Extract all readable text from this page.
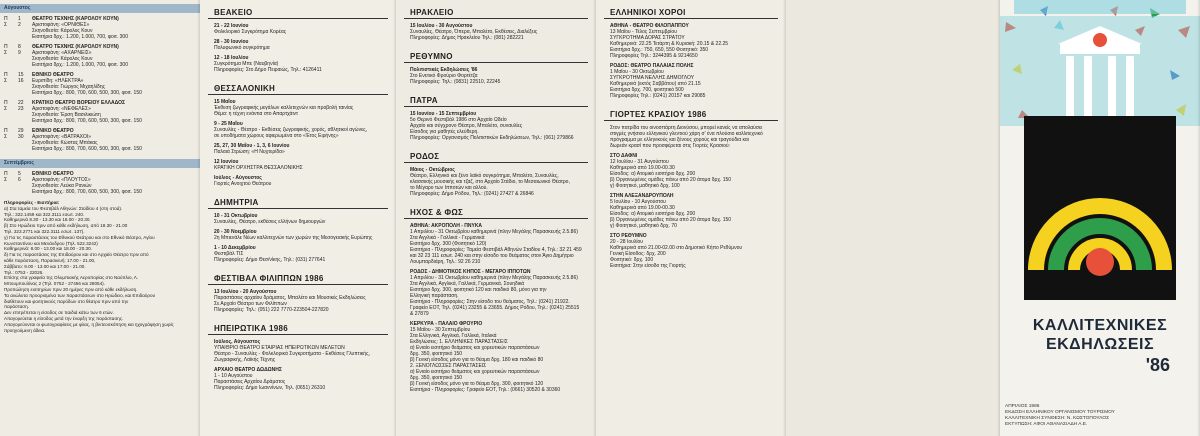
Αύγουστος
Π
Σ
1
2
ΘΕΑΤΡΟ ΤΕΧΝΗΣ (ΚΑΡΟΛΟΥ ΚΟΥΝ)
Αριστοφάνη: «ΟΡΝΙΘΕΣ»
Σκηνοθεσία: Κάρολος Κουν
Εισιτήρια δρχ.: 1.200, 1.000, 700, φοιτ. 300
Π
Σ
8
9
ΘΕΑΤΡΟ ΤΕΧΝΗΣ (ΚΑΡΟΛΟΥ ΚΟΥΝ)
Αριστοφάνη: «ΑΧΑΡΝΕΙΣ»
Σκηνοθεσία: Κάρολος Κουν
Εισιτήρια δρχ.: 1.200, 1.000, 700, φοιτ. 300
Π
Σ
15
16
ΕΘΝΙΚΟ ΘΕΑΤΡΟ
Ευριπίδη: «ΗΛΕΚΤΡΑ»
Σκηνοθεσία: Γιώργος Μιχαηλίδης
Εισιτήρια δρχ.: 800, 700, 600, 500, 300, φοιτ. 150
Π
Σ
22
23
ΚΡΑΤΙΚΟ ΘΕΑΤΡΟ ΒΟΡΕΙΟΥ ΕΛΛΑΔΟΣ
Αριστοφάνη: «ΝΕΦΕΛΕΣ»
Σκηνοθεσία: Έρση Βασιλικιώτη
Εισιτήρια δρχ.: 800, 700, 600, 500, 300, φοιτ. 150
Π
Σ
29
30
ΕΘΝΙΚΟ ΘΕΑΤΡΟ
Αριστοφάνη: «ΒΑΤΡΑΧΟΙ»
Σκηνοθεσία: Κώστας Μπάκας
Εισιτήρια δρχ.: 800, 700, 600, 500, 300, φοιτ. 150
Σεπτέμβριος
Π
Σ
5
6
ΕΘΝΙΚΟ ΘΕΑΤΡΟ
Αριστοφάνη: «ΠΛΟΥΤΟΣ»
Σκηνοθεσία: Λεύκα Ρανιών
Εισιτήρια δρχ.: 800, 700, 600, 500, 300, φοιτ. 150
Πληροφορίες - Εισιτήρια:
α) Στα ταμεία του Φεστιβάλ Αθηνών: Σταδίου 4 (στη στοά).
Τηλ.: 322.1459 και 322.3111 εσωτ. 240.
Καθημερινά 8.30 - 13.30 και 18.00 - 20.30.
β) Στο Ηρώδειο πριν από κάθε εκδήλωση, από 18.30 - 21.00
Τηλ. 323.2771 και 322.3111 εσωτ. 137).
γ) Για τις παραστάσεις του Εθνικού Θεάτρου και στο Εθνικό Θέατρο, Αγίου
Κωνσταντίνου και Μενάνδρου (Τηλ. 522.3242)
Καθημερινά: 8.00 - 13.00 και 18.00 - 20.30.
δ) Για τις παραστάσεις της Επιδαύρου και στο Αρχαίο Θέατρο πριν από
κάθε παράσταση, Παρασκευή: 17.00 - 21.00,
Σάββατο: 9.00 - 13.00 και 17.00 - 21.00.
Τηλ.: 0753 - 22026.
Επίσης στα γραφεία της Ολυμπιακής Αεροπορίας στο Ναύπλιο, Λ.
Μπουμπουλίνας 2 (Τηλ. 0752 - 27456 και 28054).
Προπώληση εισιτηρίων πριν 20 ημέρες πριν από κάθε εκδήλωση.
Τα ανώλυτα προορισμένα των παραστάσεων στο Ηρώδειο, και Επιδαύρου
διαθέτουν και φοιτητικούς παρόδων στο θέατρο πριν από την
παράσταση.
Δεν επιτρέπεται η είσοδος σε παιδιά κάτω των 6 ετών.
Απαγορεύεται η είσοδος μετά την έναρξη της παράστασης.
Απαγορεύονται οι φωτογραφίσεις με φλας, η βιντεοσκόπηση και ηχογράφηση χωρίς προηγούμενη άδεια.
ΒΕΑΚΕΙΟ
21 - 22 Ιουνίου
Φολκλορικό Συγκρότημα Κορέας
28 - 30 Ιουνίου
Πολυφωνικό συγκρότημα
12 - 18 Ιουλίου
Συγκρότημα Μπε (Ναυβηνία)
Πληροφορίες: Στο Δήμο Πειραιώς, Τηλ.: 4126411
ΘΕΣΣΑΛΟΝΙΚΗ
15 Μαΐου
Έκθεση ζωγραφικής μεγάλων καλλιτεχνών και προβολή ταινίας
Θέμα: η τέχνη ενάντια στο Απαρτχάιντ
9 - 25 Μαΐου
Συναυλίες - Θέατρο - Εκθέσεις ζωγραφικής, χορός, αθλητικοί αγώνες,
σε υποδήματα χώρους αφιερωμένα στο «Έτος Ειρήνης»
25, 27, 30 Μαΐου - 1, 3, 6 Ιουνίου
Παλαιά Στρώση: «Η Νυχτερίδα»
12 Ιουνίου
ΚΡΑΤΙΚΗ ΟΡΧΗΣΤΡΑ ΘΕΣΣΑΛΟΝΙΚΗΣ
Ιούλιος - Αύγουστος
Γιορτές Ανοιχτού Θεάτρου
ΔΗΜΗΤΡΙΑ
10 - 31 Οκτωβρίου
Συναυλίες, Θέατρο, εκθέσεις ελλήνων δημιουργών
20 - 30 Νοεμβρίου
2η Μπιενάλε Νέων καλλιτεχνών των χωρών της Μεσογειακής Ευρώπης
1 - 10 Δεκεμβρίου
Φεστιβάλ ΤΙΣ
Πληροφορίες: Δήμο Θεσ/νίκης, Τηλ.: (031) 277641
ΦΕΣΤΙΒΑΛ ΦΙΛΙΠΠΩΝ 1986
13 Ιουλίου - 20 Αυγούστου
Παραστάσεις αρχαίου δράματος, Μπαλέτο και Μουσικές Εκδηλώσεις
Σε Αρχαίο Θέατρο των Φιλίππων
Πληροφορίες: Τηλ.: (051) 222 7770-223504-227820
ΗΠΕΙΡΩΤΙΚΑ 1986
Ιούλιος, Αύγουστος
ΥΠΑΙΘΡΙΟ ΘΕΑΤΡΟ ΕΤΑΙΡΙΑΣ ΗΠΕΙΡΩΤΙΚΩΝ ΜΕΛΕΤΩΝ
Θέατρο - Συναυλίες - Φολκλορικά Συγκροτήματα - Εκθέσεις Γλυπτικής,
Ζωγραφικής, Λαϊκής Τέχνης
ΑΡΧΑΙΟ ΘΕΑΤΡΟ ΔΩΔΩΝΗΣ
1 - 10 Αυγούστου
Παραστάσεις Αρχαίου Δράματος
Πληροφορίες: Δήμο Ιωαννίνων, Τηλ. (0651) 26310
ΗΡΑΚΛΕΙΟ
15 Ιουλίου - 30 Αυγούστου
Συναυλίες, Θέατρο, Όπερα, Μπαλέτο, Εκθέσεις, Διαλέξεις
Πληροφορίες: Δήμος Ηρακλείου Τηλ.: (081) 282221
ΡΕΘΥΜΝΟ
Πολιτιστικές Εκδηλώσεις '86
Στο Ενετικό Φρούριο Φορτέτζα
Πληροφορίες: Τηλ.: (0831) 22510, 22245
ΠΑΤΡΑ
15 Ιουνίου - 15 Σεπτεμβρίου
5ο Θερινό Φεστιβάλ 1986 στο Αρχαίο Ωδείο
Αρχαίο και σύγχρονο Θέατρο, Μπαλέτο, συναυλίες
Είσοδος για μαθητές ελεύθερη.
Πληροφορίες: Οργανισμός Πολιτιστικών Εκδηλώσεων, Τηλ.: (061) 279866
ΡΟΔΟΣ
Μάιος - Οκτώβριος
Θέατρο, Ελληνικό και ξένο λαϊκό συγκρότημα, Μπαλέτο, Συναυλίες,
κλασσικής μουσικής και τζαζ, στο Αρχαίο Στάδιο, το Μεσαιωνικό Θέατρο,
το Μέγαρο των Ιπποτών και αλλού.
Πληροφορίες: Δήμο Ρόδου, Τηλ.: (0241) 27427 & 26846
ΗΧΟΣ & ΦΩΣ
ΑΘΗΝΑ: ΑΚΡΟΠΟΛΗ - ΠΝΥΚΑ
1 Απριλίου - 31 Οκτωβρίου καθημερινά (πλην Μεγάλης Παρασκευής 2.5.86)
Στα Αγγλικά - Γαλλικά - Γερμανικά
Εισιτήριο δρχ. 300 (Φοιτητικό 120)
Εισιτήρια - Πληροφορίες: Ταμεία Φεστιβάλ Αθηνών Σταδίου 4, Τηλ.: 32 21 459 και 32 23 111 εσωτ. 240 και στην είσοδο του θεάματος στον Άγιο Δημήτριο Λουμπαρδιάρη, Τηλ.: 92 26 210
ΡΟΔΟΣ - ΔΗΜΟΤΙΚΟΣ ΚΗΠΟΣ - ΜΕΓΑΡΟ ΙΠΠΟΤΩΝ
1 Απριλίου - 31 Οκτωβρίου καθημερινά (πλην Μεγάλης Παρασκευής 2.5.86)
Στα Αγγλικά, Αγγλικά, Γαλλικά, Γερμανικά, Σουηδικά
Εισιτήριο δρχ. 300, φοιτητικό 120 και παιδικό 80, μόνο για την
Ελληνική παράσταση.
Εισιτήρια - Πληροφορίες: Στην είσοδο του θεάματος, Τηλ.: (0241) 21922. Γραφείο ΕΟΤ, Τηλ. (0241) 23255 & 23655. Δήμος Ρόδου, Τηλ.: (0241) 25515 & 27879
ΚΕΡΚΥΡΑ - ΠΑΛΑΙΟ ΦΡΟΥΡΙΟ
15 Μαΐου - 30 Σεπτεμβρίου
Στα Ελληνικά, Αγγλικά, Γαλλικά, Ιταλικά
Εκδηλώσεις: 1. ΕΛΛΗΝΙΚΕΣ ΠΑΡΑΣΤΑΣΕΙΣ
α) Ενιαίο εισιτήριο θεάματος και χορευτικών παραστάσεων
δρχ. 350, φοιτητικό 150
β) Γενική είσοδος μόνο για το θέαμα δρχ. 180 και παιδικό 80
2. ΞΕΝΟΓΛΩΣΣΕΣ ΠΑΡΑΣΤΑΣΕΙΣ
α) Ενιαίο εισιτήριο θεάματος και χορευτικών παραστάσεων
δρχ. 350, φοιτητικό 150
β) Γενική είσοδος μόνο για το θέαμα δρχ. 300, φοιτητικό 120
Εισιτήρια - Πληροφορίες: Γραφείο ΕΟΤ, Τηλ.: (0661) 30520 & 30360
ΕΛΛΗΝΙΚΟΙ ΧΟΡΟΙ
ΑΘΗΝΑ - ΘΕΑΤΡΟ ΦΙΛΟΠΑΠΠΟΥ
13 Μαΐου - Τέλος Σεπτεμβρίου
ΣΥΓΚΡΟΤΗΜΑ ΔΟΡΑΣ ΣΤΡΑΤΟΥ
Καθημερινά: 22.25 Τετάρτη & Κυριακή: 20.15 & 22.25
Εισιτήρια δρχ.: 750, 650, 550 Φοιτητικό: 350
Πληροφορίες Τηλ.: 3244395 & 9214650
ΡΟΔΟΣ: ΘΕΑΤΡΟ ΠΑΛΑΙΑΣ ΠΟΛΗΣ
1 Μαΐου - 30 Οκτωβρίου
ΣΥΓΚΡΟΤΗΜΑ ΝΕΛΛΗΣ ΔΗΜΟΓΛΟΥ
Καθημερινά (εκτός Σαββάτου) από 21.15
Εισιτήρια δρχ. 700, φοιτητικό 500
Πληροφορίες Τηλ.: (0241) 20157 και 29085
ΓΙΟΡΤΕΣ ΚΡΑΣΙΟΥ 1986
Στον πατρίδα του οινοσπάρτη Διονύσου, μπορεί κανείς να απολαύσει
στιγμές γνήσιου ελληνικού γλεντιού χάρη σ' ένα πλούσιο καλλιτεχνικό
πρόγραμμα με ελληνικούς και ξένους χορούς και τραγούδια και
δωρεάν κρασί που προσφέρεται στις Γιορτές Κρασιού:
ΣΤΟ ΔΑΦΝΙ
12 Ιουλίου - 31 Αυγούστου
Καθημερινά από 19.00-00.30
Είσοδος: α) Ατομικό εισιτήριο δρχ. 200
β) Οργανωμένες ομάδες πάνω από 20 άτομα δρχ. 150
γ) Φοιτητικό, μαθητικό δρχ. 100
ΣΤΗΝ ΑΛΕΞΑΝΔΡΟΥΠΟΛΗ
5 Ιουλίου - 10 Αυγούστου
Καθημερινά από 19.00-00.30
Είσοδος: α) Ατομικό εισιτήριο δρχ. 200
β) Οργανωμένες ομάδες πάνω από 20 άτομα δρχ. 150
γ) Φοιτητικό, μαθητικό δρχ. 70
ΣΤΟ ΡΕΘΥΜΝΟ
20 - 28 Ιουλίου
Καθημερινά από 21.00-02.00 στο Δημοτικό Κήπο Ρεθύμνου
Γενική Είσοδος: δρχ. 200
Φοιτητικό: δρχ. 100
Εισιτήρια: Στην είσοδο της Γιορτής
ΚΑΛΛΙΤΕΧΝΙΚΕΣ
ΕΚΔΗΛΩΣΕΙΣ
'86
ΑΠΡΙΛΙΟΣ 1986
ΕΚΔΟΣΗ ΕΛΛΗΝΙΚΟΥ ΟΡΓΑΝΙΣΜΟΥ ΤΟΥΡΙΣΜΟΥ
ΚΑΛΛΙΤΕΧΝΙΚΗ ΣΥΝΘΕΣΗ: Ν. ΚΩΣΤΟΠΟΥΛΟΣ
ΕΚΤΥΠΩΣΗ: ΑΦΟΙ ΑΘΑΝΑΣΙΑΔΗ Α.Ε.
